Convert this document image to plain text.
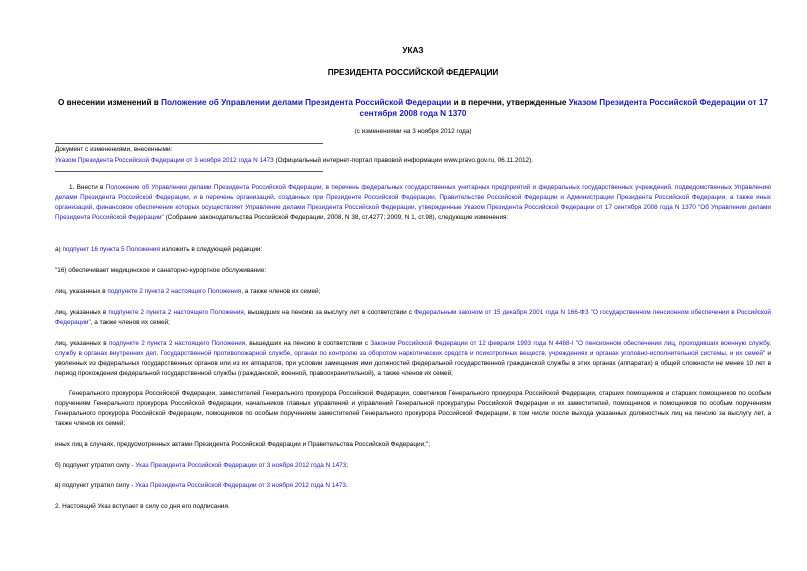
УКАЗ
ПРЕЗИДЕНТА РОССИЙСКОЙ ФЕДЕРАЦИИ
О внесении изменений в Положение об Управлении делами Президента Российской Федерации и в перечни, утвержденные Указом Президента Российской Федерации от 17 сентября 2008 года N 1370
(с изменениями на 3 ноября 2012 года)
Документ с изменениями, внесенными:
Указом Президента Российской Федерации от 3 ноября 2012 года N 1473 (Официальный интернет-портал правовой информации www.pravo.gov.ru, 06.11.2012).
1. Внести в Положение об Управлении делами Президента Российской Федерации, в перечень федеральных государственных унитарных предприятий и федеральных государственных учреждений, подведомственных Управлению делами Президента Российской Федерации, и в перечень организаций, созданных при Президенте Российской Федерации, Правительстве Российской Федерации и Администрации Президента Российской Федерации, а также иных организаций, финансовое обеспечение которых осуществляет Управление делами Президента Российской Федерации, утвержденные Указом Президента Российской Федерации от 17 сентября 2008 года N 1370 "Об Управлении делами Президента Российской Федерации" (Собрание законодательства Российской Федерации, 2008, N 38, ст.4277; 2009, N 1, ст.98), следующие изменения:
а) подпункт 16 пункта 5 Положения изложить в следующей редакции:
"16) обеспечивает медицинское и санаторно-курортное обслуживание:
лиц, указанных в подпункте 2 пункта 2 настоящего Положения, а также членов их семей;
лиц, указанных в подпункте 2 пункта 2 настоящего Положения, вышедших на пенсию за выслугу лет в соответствии с Федеральным законом от 15 декабря 2001 года N 166-ФЗ "О государственном пенсионном обеспечении в Российской Федерации", а также членов их семей;
лиц, указанных в подпункте 2 пункта 2 настоящего Положения, вышедших на пенсию в соответствии с Законом Российской Федерации от 12 февраля 1993 года N 4468-I "О пенсионном обеспечении лиц, проходивших военную службу, службу в органах внутренних дел, Государственной противопожарной службе, органах по контролю за оборотом наркотических средств и психотропных веществ, учреждениях и органах уголовно-исполнительной системы, и их семей" и уволенных из федеральных государственных органов или из их аппаратов, при условии замещения ими должностей федеральной государственной гражданской службы в этих органах (аппаратах) в общей сложности не менее 10 лет в период прохождения федеральной государственной службы (гражданской, военной, правоохранительной), а также членов их семей;
Генерального прокурора Российской Федерации, заместителей Генерального прокурора Российской Федерации, советников Генерального прокурора Российской Федерации, старших помощников и старших помощников по особым поручениям Генерального прокурора Российской Федерации, начальников главных управлений и управлений Генеральной прокуратуры Российской Федерации и их заместителей, помощников и помощников по особым поручениям Генерального прокурора Российской Федерации, помощников по особым поручениям заместителей Генерального прокурора Российской Федерации, в том числе после выхода указанных должностных лиц на пенсию за выслугу лет, а также членов их семей;
иных лиц в случаях, предусмотренных актами Президента Российской Федерации и Правительства Российской Федерации;";
б) подпункт утратил силу - Указ Президента Российской Федерации от 3 ноября 2012 года N 1473;
в) подпункт утратил силу - Указ Президента Российской Федерации от 3 ноября 2012 года N 1473.
2. Настоящий Указ вступает в силу со дня его подписания.
